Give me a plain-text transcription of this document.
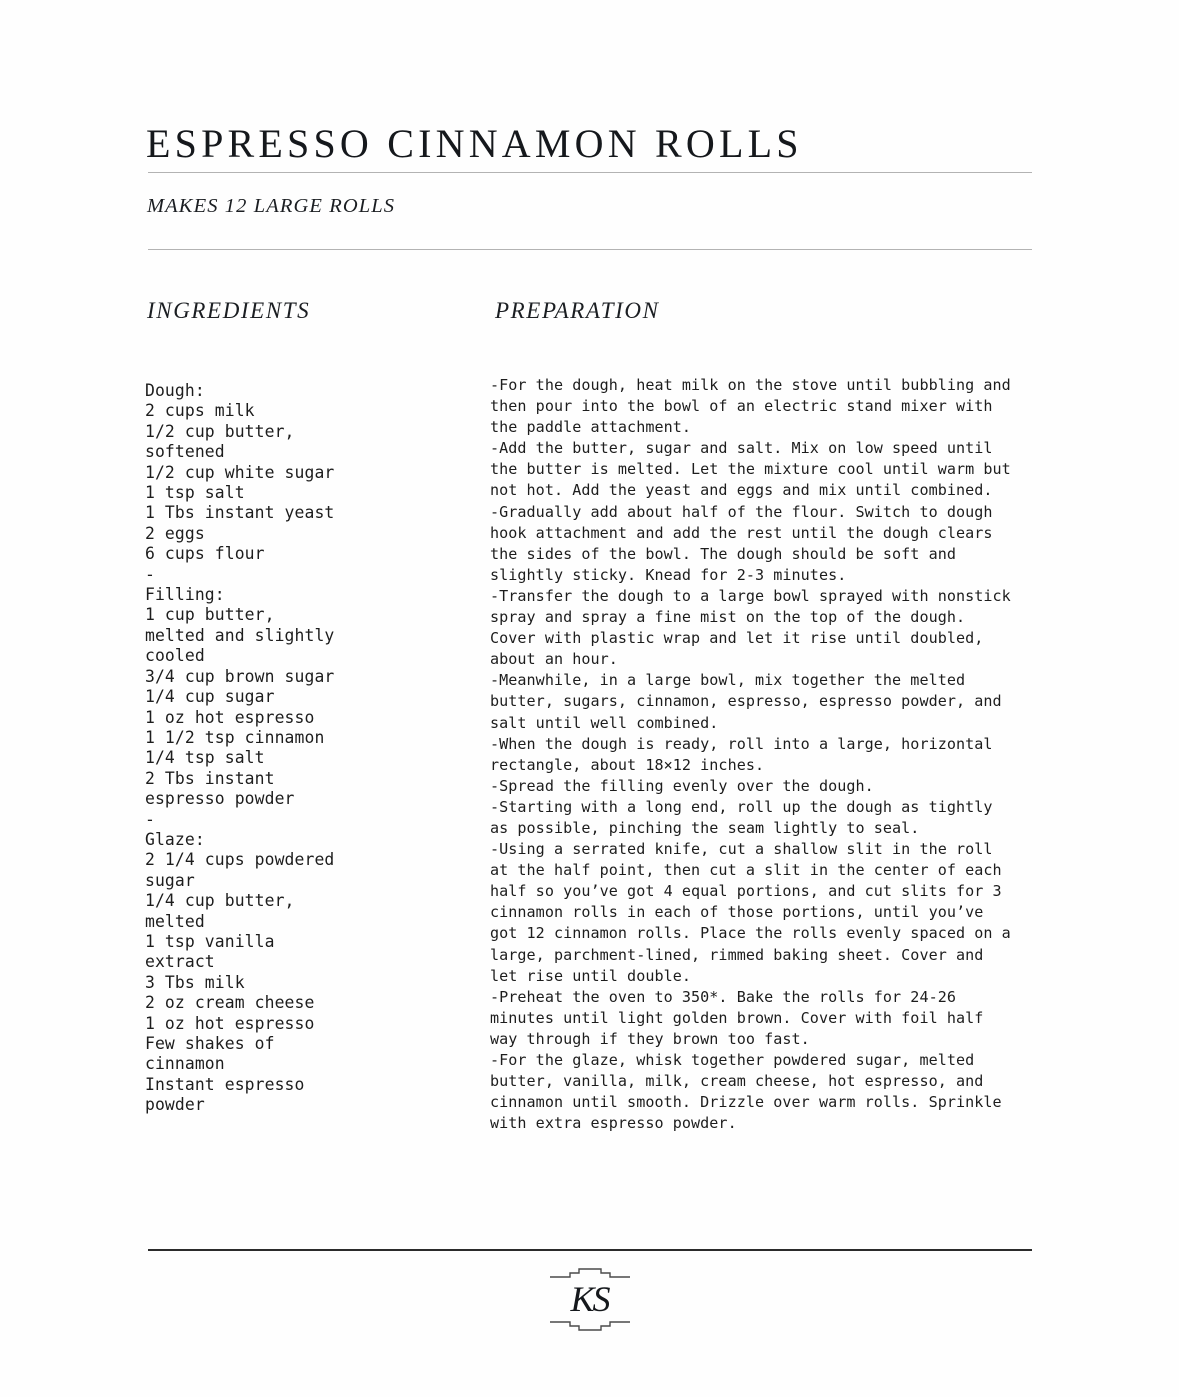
ESPRESSO CINNAMON ROLLS
MAKES 12 LARGE ROLLS
INGREDIENTS	PREPARATION
Dough:
2 cups milk
1/2 cup butter,
softened
1/2 cup white sugar
1 tsp salt
1 Tbs instant yeast
2 eggs
6 cups flour
-
Filling:
1 cup butter,
melted and slightly
cooled
3/4 cup brown sugar
1/4 cup sugar
1 oz hot espresso
1 1/2 tsp cinnamon
1/4 tsp salt
2 Tbs instant
espresso powder
-
Glaze:
2 1/4 cups powdered
sugar
1/4 cup butter,
melted
1 tsp vanilla
extract
3 Tbs milk
2 oz cream cheese
1 oz hot espresso
Few shakes of
cinnamon
Instant espresso
powder

-For the dough, heat milk on the stove until bubbling and then pour into the bowl of an electric stand mixer with the paddle attachment.

-Add the butter, sugar and salt. Mix on low speed until the butter is melted. Let the mixture cool until warm but not hot. Add the yeast and eggs and mix until combined.

-Gradually add about half of the flour. Switch to dough hook attachment and add the rest until the dough clears the sides of the bowl. The dough should be soft and slightly sticky. Knead for 2-3 minutes.

-Transfer the dough to a large bowl sprayed with nonstick spray and spray a fine mist on the top of the dough. Cover with plastic wrap and let it rise until doubled, about an hour.

-Meanwhile, in a large bowl, mix together the melted butter, sugars, cinnamon, espresso, espresso powder, and salt until well combined.

-When the dough is ready, roll into a large, horizontal rectangle, about 18×12 inches.

-Spread the filling evenly over the dough.

-Starting with a long end, roll up the dough as tightly as possible, pinching the seam lightly to seal.

-Using a serrated knife, cut a shallow slit in the roll at the half point, then cut a slit in the center of each half so you’ve got 4 equal portions, and cut slits for 3 cinnamon rolls in each of those portions, until you’ve got 12 cinnamon rolls. Place the rolls evenly spaced on a large, parchment-lined, rimmed baking sheet. Cover and let rise until double.

-Preheat the oven to 350*. Bake the rolls for 24-26 minutes until light golden brown. Cover with foil half way through if they brown too fast.

-For the glaze, whisk together powdered sugar, melted butter, vanilla, milk, cream cheese, hot espresso, and cinnamon until smooth. Drizzle over warm rolls. Sprinkle with extra espresso powder.

KS
